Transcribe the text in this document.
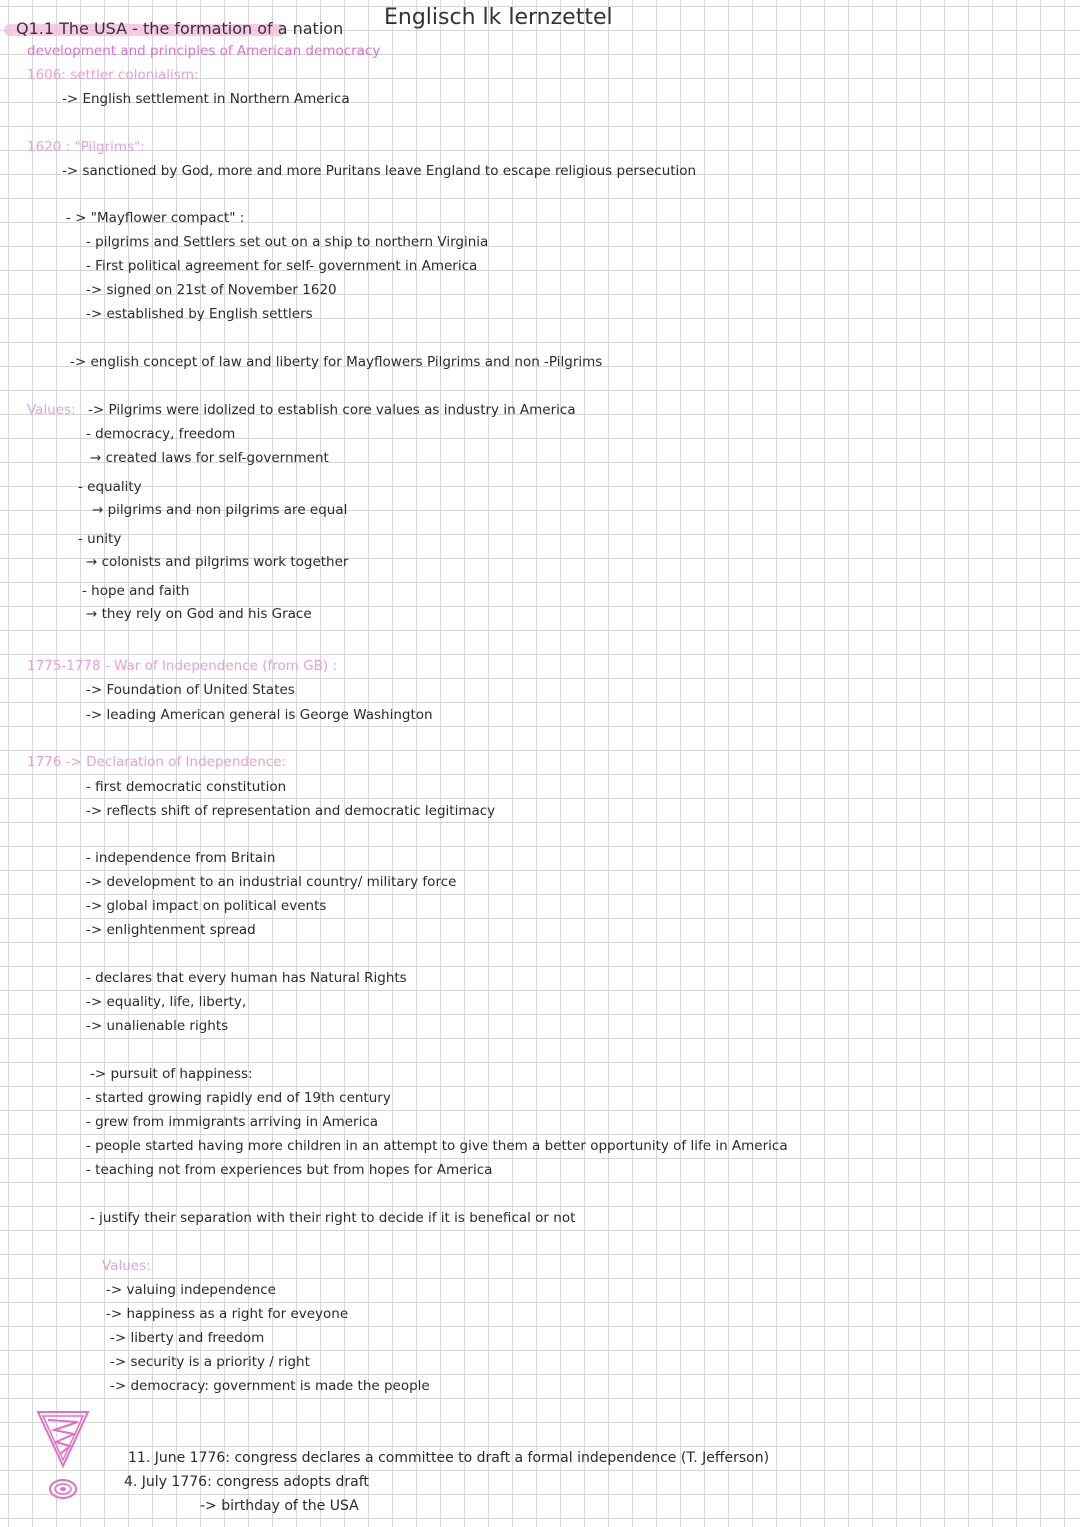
Englisch lk lernzettel
Q1.1 The USA - the formation of a nation
development and principles of American democracy
1606: settler colonialism:
-> English settlement in Northern America
1620 : "Pilgrims":
-> sanctioned by God, more and more Puritans leave England to escape religious persecution
- > "Mayflower compact" :
- pilgrims and Settlers set out on a ship to northern Virginia
- First political agreement for self- government in America
-> signed on 21st of November 1620
-> established by English settlers
-> english concept of law and liberty for Mayflowers Pilgrims and non -Pilgrims
Values: -> Pilgrims were idolized to establish core values as industry in America
- democracy, freedom
→ created laws for self-government
- equality
→ pilgrims and non pilgrims are equal
- unity
→ colonists and pilgrims work together
- hope and faith
→ they rely on God and his Grace
1775-1778 - War of Independence (from GB) :
-> Foundation of United States
-> leading American general is George Washington
1776 -> Declaration of Independence:
- first democratic constitution
-> reflects shift of representation and democratic legitimacy
- independence from Britain
-> development to an industrial country/ military force
-> global impact on political events
-> enlightenment spread
- declares that every human has Natural Rights
-> equality, life, liberty,
-> unalienable rights
-> pursuit of happiness:
- started growing rapidly end of 19th century
- grew from immigrants arriving in America
- people started having more children in an attempt to give them a better opportunity of life in America
- teaching not from experiences but from hopes for America
- justify their separation with their right to decide if it is benefical or not
Values:
-> valuing independence
-> happiness as a right for eveyone
-> liberty and freedom
-> security is a priority / right
-> democracy: government is made the people
11. June 1776: congress declares a committee to draft a formal independence (T. Jefferson)
4. July 1776: congress adopts draft
-> birthday of the USA
